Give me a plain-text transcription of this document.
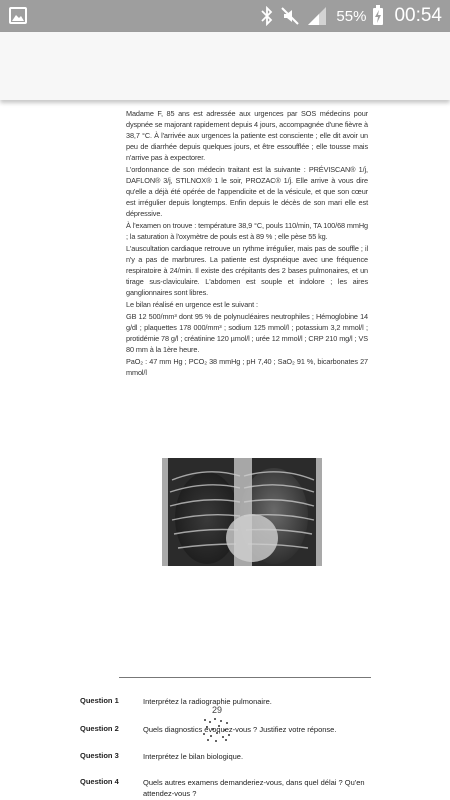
55% 00:54

Madame F, 85 ans est adressée aux urgences par SOS médecins pour dyspnée se majorant rapidement depuis 4 jours, accompagnée d'une fièvre à 38,7 °C. À l'arrivée aux urgences la patiente est consciente ; elle dit avoir un peu de diarrhée depuis quelques jours, et être essoufflée ; elle tousse mais n'arrive pas à expectorer.

L'ordonnance de son médecin traitant est la suivante : PRÉVISCAN® 1/j, DAFLON® 3/j, STILNOX® 1 le soir, PROZAC® 1/j. Elle arrive à vous dire qu'elle a déjà été opérée de l'appendicite et de la vésicule, et que son cœur est irrégulier depuis longtemps. Enfin depuis le décès de son mari elle est dépressive.

À l'examen on trouve : température 38,9 °C, pouls 110/min, TA 100/68 mmHg ; la saturation à l'oxymètre de pouls est à 89 % ; elle pèse 55 kg.

L'auscultation cardiaque retrouve un rythme irrégulier, mais pas de souffle ; il n'y a pas de marbrures. La patiente est dyspnéique avec une fréquence respiratoire à 24/min. Il existe des crépitants des 2 bases pulmonaires, et un tirage sus-claviculaire. L'abdomen est souple et indolore ; les aires ganglionnaires sont libres.

Le bilan réalisé en urgence est le suivant :

GB 12 500/mm³ dont 95 % de polynucléaires neutrophiles ; Hémoglobine 14 g/dl ; plaquettes 178 000/mm³ ; sodium 125 mmol/l ; potassium 3,2 mmol/l ; protidémie 78 g/l ; créatinine 120 µmol/l ; urée 12 mmol/l ; CRP 210 mg/l ; VS 80 mm à la 1ère heure.

PaO₂ : 47 mm Hg ; PCO₂ 38 mmHg ; pH 7,40 ; SaO₂ 91 %, bicarbonates 27 mmol/l

29
Question 1	Interprétez la radiographie pulmonaire.
Question 2	Quels diagnostics évoquez-vous ? Justifiez votre réponse.
Question 3	Interprétez le bilan biologique.
Question 4	Quels autres examens demanderiez-vous, dans quel délai ? Qu'en attendez-vous ?
